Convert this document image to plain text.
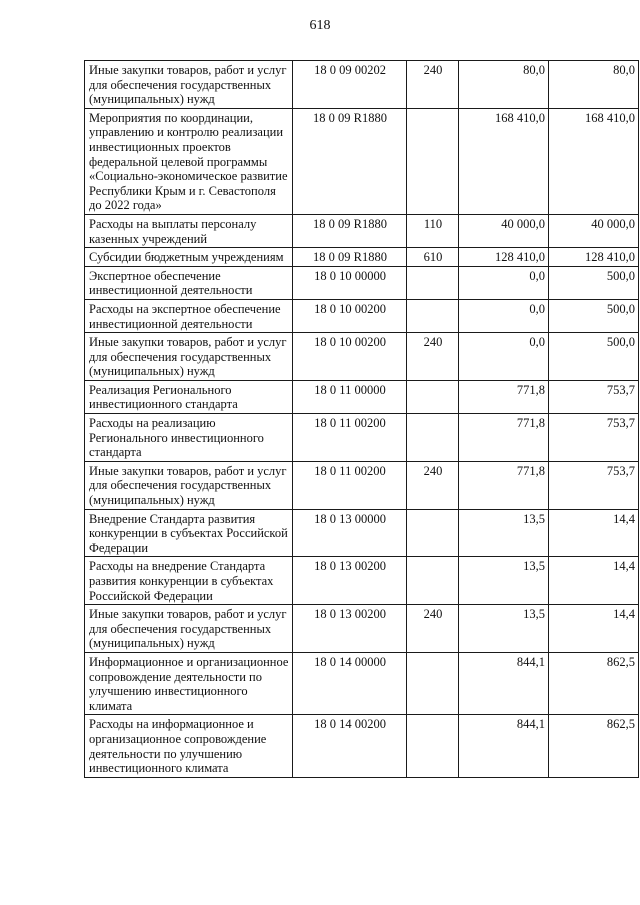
618
Иные закупки товаров, работ и услуг для обеспечения государственных (муниципальных) нужд	18 0 09 00202	240	80,0	80,0
Мероприятия по координации, управлению и контролю реализации инвестиционных проектов федеральной целевой программы «Социально-экономическое развитие Республики Крым и г. Севастополя до 2022 года»	18 0 09 R1880		168 410,0	168 410,0
Расходы на выплаты персоналу казенных учреждений	18 0 09 R1880	110	40 000,0	40 000,0
Субсидии бюджетным учреждениям	18 0 09 R1880	610	128 410,0	128 410,0
Экспертное обеспечение инвестиционной деятельности	18 0 10 00000		0,0	500,0
Расходы на экспертное обеспечение инвестиционной деятельности	18 0 10 00200		0,0	500,0
Иные закупки товаров, работ и услуг для обеспечения государственных (муниципальных) нужд	18 0 10 00200	240	0,0	500,0
Реализация Регионального инвестиционного стандарта	18 0 11 00000		771,8	753,7
Расходы на реализацию Регионального инвестиционного стандарта	18 0 11 00200		771,8	753,7
Иные закупки товаров, работ и услуг для обеспечения государственных (муниципальных) нужд	18 0 11 00200	240	771,8	753,7
Внедрение Стандарта развития конкуренции в субъектах Российской Федерации	18 0 13 00000		13,5	14,4
Расходы на внедрение Стандарта развития конкуренции в субъектах Российской Федерации	18 0 13 00200		13,5	14,4
Иные закупки товаров, работ и услуг для обеспечения государственных (муниципальных) нужд	18 0 13 00200	240	13,5	14,4
Информационное и организационное сопровождение деятельности по улучшению инвестиционного климата	18 0 14 00000		844,1	862,5
Расходы на информационное и организационное сопровождение деятельности по улучшению инвестиционного климата	18 0 14 00200		844,1	862,5
